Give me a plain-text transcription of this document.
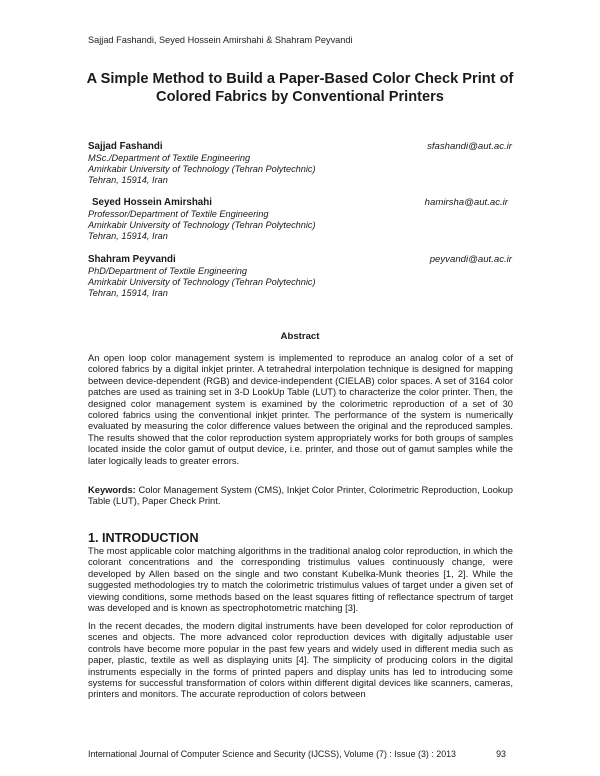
Sajjad Fashandi, Seyed Hossein Amirshahi & Shahram Peyvandi
A Simple Method to Build a Paper-Based Color Check Print of
Colored Fabrics by Conventional Printers
Sajjad Fashandi	sfashandi@aut.ac.ir
MSc./Department of Textile Engineering
Amirkabir University of Technology (Tehran Polytechnic)
Tehran, 15914, Iran
Seyed Hossein Amirshahi	hamirsha@aut.ac.ir
Professor/Department of Textile Engineering
Amirkabir University of Technology (Tehran Polytechnic)
Tehran, 15914, Iran
Shahram Peyvandi	peyvandi@aut.ac.ir
PhD/Department of Textile Engineering
Amirkabir University of Technology (Tehran Polytechnic)
Tehran, 15914, Iran
Abstract

An open loop color management system is implemented to reproduce an analog color of a set of colored fabrics by a digital inkjet printer. A tetrahedral interpolation technique is designed for mapping between device-dependent (RGB) and device-independent (CIELAB) color spaces. A set of 3164 color patches are used as training set in 3-D LookUp Table (LUT) to characterize the color printer. Then, the designed color management system is examined by the colorimetric reproduction of a set of 30 colored fabrics using the conventional inkjet printer. The performance of the system is numerically evaluated by measuring the color difference values between the original and the reproduced samples. The results showed that the color reproduction system appropriately works for both groups of samples located inside the color gamut of output device, i.e. printer, and those out of gamut samples while the later logically leads to greater errors.

Keywords: Color Management System (CMS), Inkjet Color Printer, Colorimetric Reproduction, Lookup Table (LUT), Paper Check Print.

1. INTRODUCTION

The most applicable color matching algorithms in the traditional analog color reproduction, in which the colorant concentrations and the corresponding tristimulus values continuously change, were developed by Allen based on the single and two constant Kubelka-Munk theories [1, 2]. While the suggested methodologies try to match the colorimetric tristimulus values of target under a given set of viewing conditions, some methods based on the least squares fitting of reflectance spectrum of target was developed and is known as spectrophotometric matching [3].

In the recent decades, the modern digital instruments have been developed for color reproduction of scenes and objects. The more advanced color reproduction devices with digitally adjustable user controls have become more popular in the past few years and widely used in different media such as paper, plastic, textile as well as displaying units [4]. The simplicity of producing colors in the digital instruments especially in the forms of printed papers and display units has led to introducing some systems for successful transformation of colors within different digital devices like scanners, cameras, printers and monitors. The accurate reproduction of colors between

International Journal of Computer Science and Security (IJCSS), Volume (7) : Issue (3) : 2013	93
